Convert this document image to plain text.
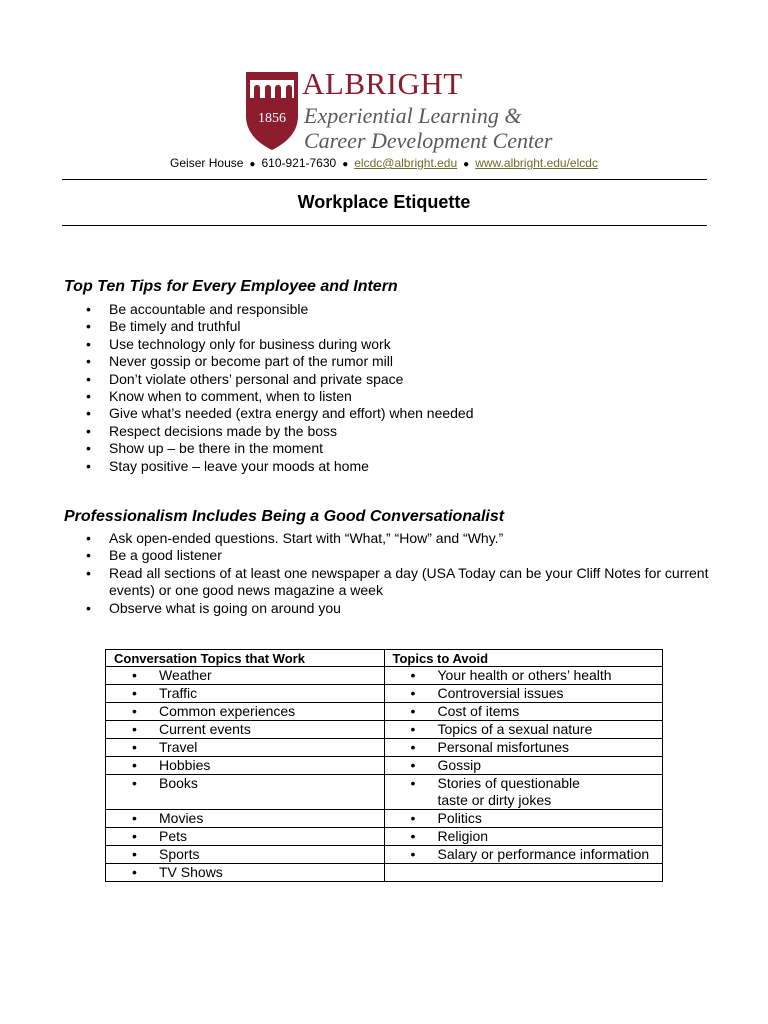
1856
ALBRIGHT
Experiential Learning &
Career Development Center
Geiser House ● 610-921-7630 ● elcdc@albright.edu ● www.albright.edu/elcdc
Workplace Etiquette
Top Ten Tips for Every Employee and Intern
• Be accountable and responsible
• Be timely and truthful
• Use technology only for business during work
• Never gossip or become part of the rumor mill
• Don’t violate others’ personal and private space
• Know when to comment, when to listen
• Give what’s needed (extra energy and effort) when needed
• Respect decisions made by the boss
• Show up – be there in the moment
• Stay positive – leave your moods at home
Professionalism Includes Being a Good Conversationalist
• Ask open-ended questions. Start with “What,” “How” and “Why.”
• Be a good listener
• Read all sections of at least one newspaper a day (USA Today can be your Cliff Notes for current events) or one good news magazine a week
• Observe what is going on around you
Conversation Topics that Work	Topics to Avoid

• Weather	• Your health or others’ health

• Traffic	• Controversial issues

• Common experiences	• Cost of items

• Current events	• Topics of a sexual nature

• Travel	• Personal misfortunes

• Hobbies	• Gossip

• Books	• Stories of questionable taste or dirty jokes

• Movies	• Politics

• Pets	• Religion

• Sports	• Salary or performance information

• TV Shows
